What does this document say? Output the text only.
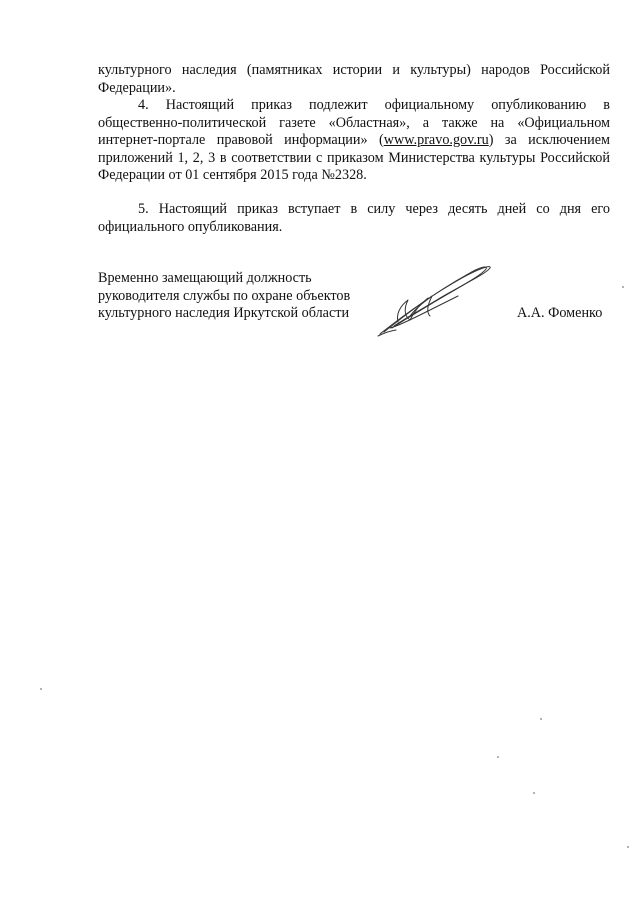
культурного наследия (памятниках истории и культуры) народов Российской Федерации».

4. Настоящий приказ подлежит официальному опубликованию в общественно-политической газете «Областная», а также на «Официальном интернет-портале правовой информации» (www.pravo.gov.ru) за исключением приложений 1, 2, 3 в соответствии с приказом Министерства культуры Российской Федерации от 01 сентября 2015 года №2328.

5. Настоящий приказ вступает в силу через десять дней со дня его официального опубликования.

Временно замещающий должность
руководителя службы по охране объектов
культурного наследия Иркутской области	А.А. Фоменко
